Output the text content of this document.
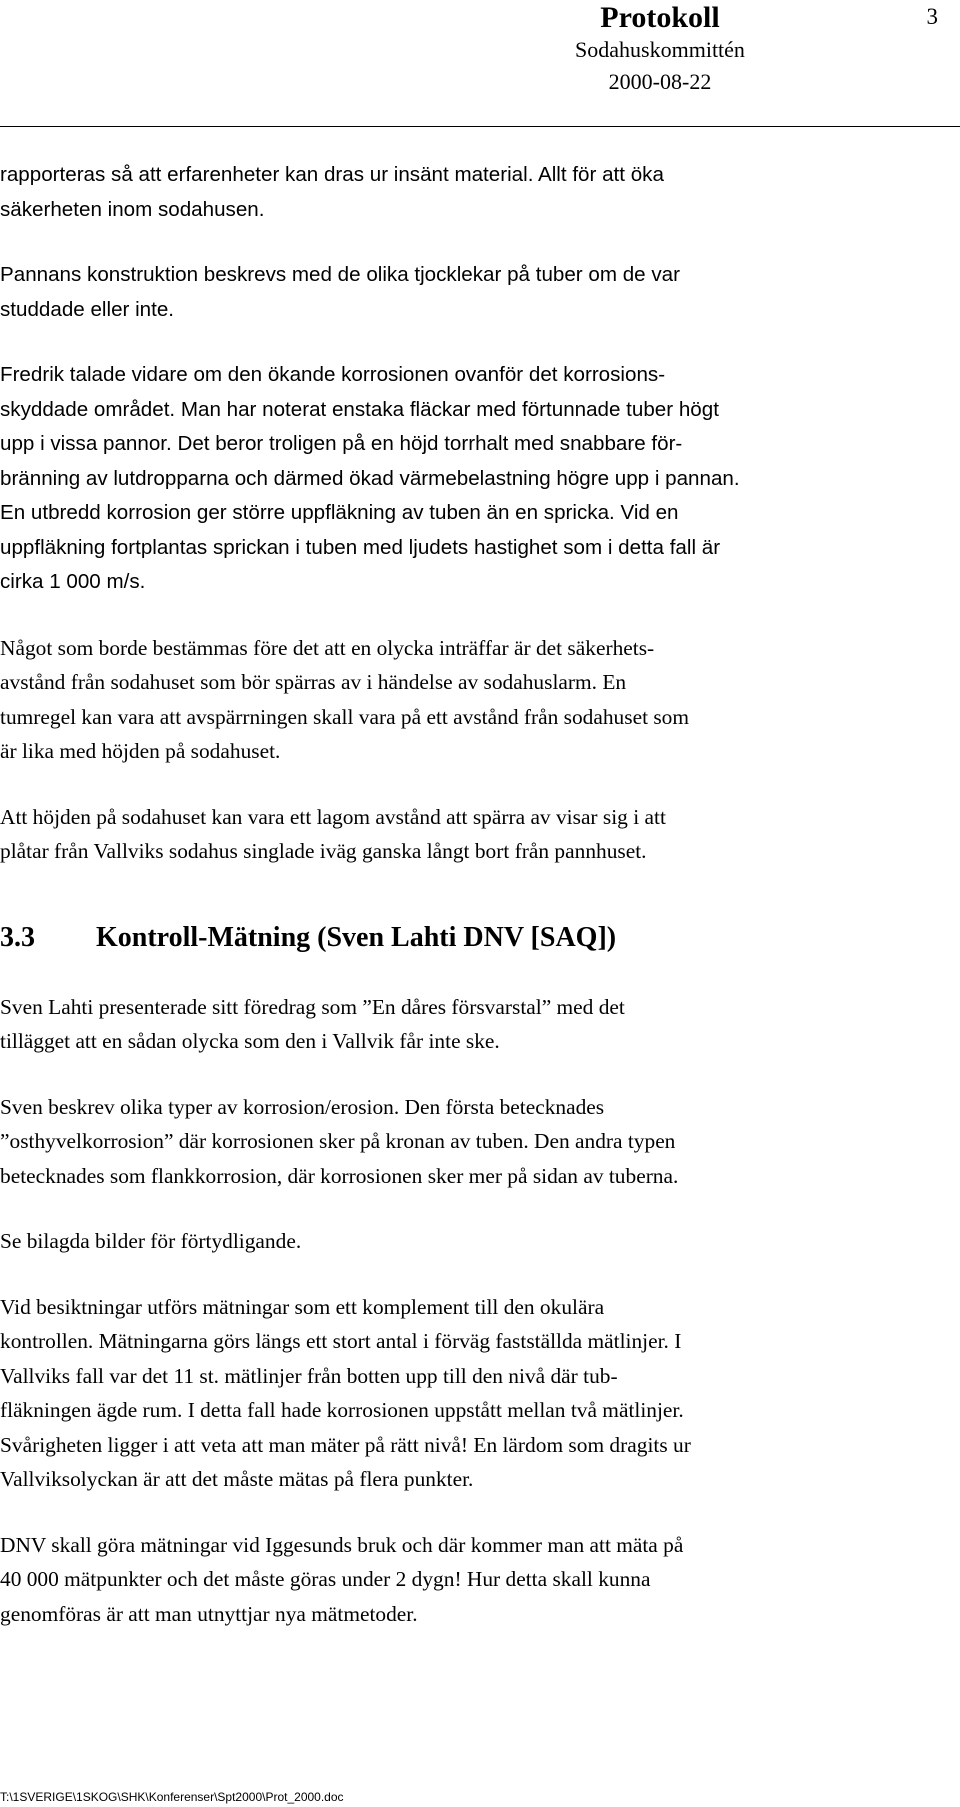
Protokoll
Sodahuskommittén
2000-08-22
3
rapporteras så att erfarenheter kan dras ur insänt material. Allt för att öka
säkerheten inom sodahusen.
Pannans konstruktion beskrevs med de olika tjocklekar på tuber om de var
studdade eller inte.
Fredrik talade vidare om den ökande korrosionen ovanför det korrosions-
skyddade området. Man har noterat enstaka fläckar med förtunnade tuber högt
upp i vissa pannor. Det beror troligen på en höjd torrhalt med snabbare för-
bränning av lutdropparna och därmed ökad värmebelastning högre upp i pannan.
En utbredd korrosion ger större uppfläkning av tuben än en spricka. Vid en
uppfläkning fortplantas sprickan i tuben med ljudets hastighet som i detta fall är
cirka 1 000 m/s.
Något som borde bestämmas före det att en olycka inträffar är det säkerhets-
avstånd från sodahuset som bör spärras av i händelse av sodahuslarm. En
tumregel kan vara att avspärrningen skall vara på ett avstånd från sodahuset som
är lika med höjden på sodahuset.
Att höjden på sodahuset kan vara ett lagom avstånd att spärra av visar sig i att
plåtar från Vallviks sodahus singlade iväg ganska långt bort från pannhuset.
3.3	Kontroll-Mätning (Sven Lahti DNV [SAQ])
Sven Lahti presenterade sitt föredrag som ”En dåres försvarstal” med det
tillägget att en sådan olycka som den i Vallvik får inte ske.
Sven beskrev olika typer av korrosion/erosion. Den första betecknades
”osthyvelkorrosion” där korrosionen sker på kronan av tuben. Den andra typen
betecknades som flankkorrosion, där korrosionen sker mer på sidan av tuberna.
Se bilagda bilder för förtydligande.
Vid besiktningar utförs mätningar som ett komplement till den okulära
kontrollen. Mätningarna görs längs ett stort antal i förväg fastställda mätlinjer. I
Vallviks fall var det 11 st. mätlinjer från botten upp till den nivå där tub-
fläkningen ägde rum. I detta fall hade korrosionen uppstått mellan två mätlinjer.
Svårigheten ligger i att veta att man mäter på rätt nivå! En lärdom som dragits ur
Vallviksolyckan är att det måste mätas på flera punkter.
DNV skall göra mätningar vid Iggesunds bruk och där kommer man att mäta på
40 000 mätpunkter och det måste göras under 2 dygn! Hur detta skall kunna
genomföras är att man utnyttjar nya mätmetoder.
T:\1SVERIGE\1SKOG\SHK\Konferenser\Spt2000\Prot_2000.doc
